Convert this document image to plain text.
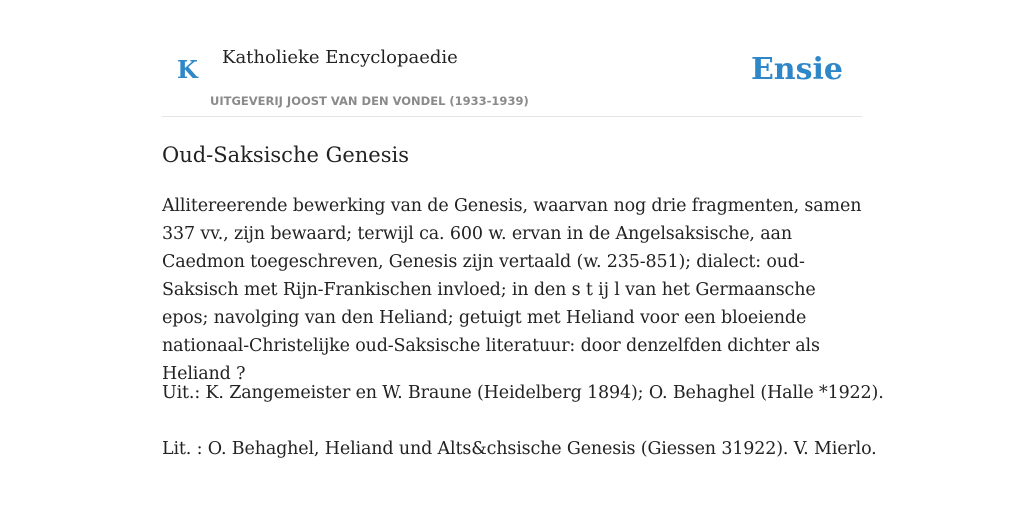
K Katholieke Encyclopaedie
UITGEVERIJ JOOST VAN DEN VONDEL (1933-1939)
Ensie
Oud-Saksische Genesis

Allitereerende bewerking van de Genesis, waarvan nog drie fragmenten, samen 337 vv., zijn bewaard; terwijl ca. 600 w. ervan in de Angelsaksische, aan Caedmon toegeschreven, Genesis zijn vertaald (w. 235-851); dialect: oud-Saksisch met Rijn-Frankischen invloed; in den s t ij l van het Germaansche epos; navolging van den Heliand; getuigt met Heliand voor een bloeiende nationaal-Christelijke oud-Saksische literatuur: door denzelfden dichter als Heliand ?

Uit.: K. Zangemeister en W. Braune (Heidelberg 1894); O. Behaghel (Halle *1922).

Lit. : O. Behaghel, Heliand und Alts&chsische Genesis (Giessen 31922). V. Mierlo.
